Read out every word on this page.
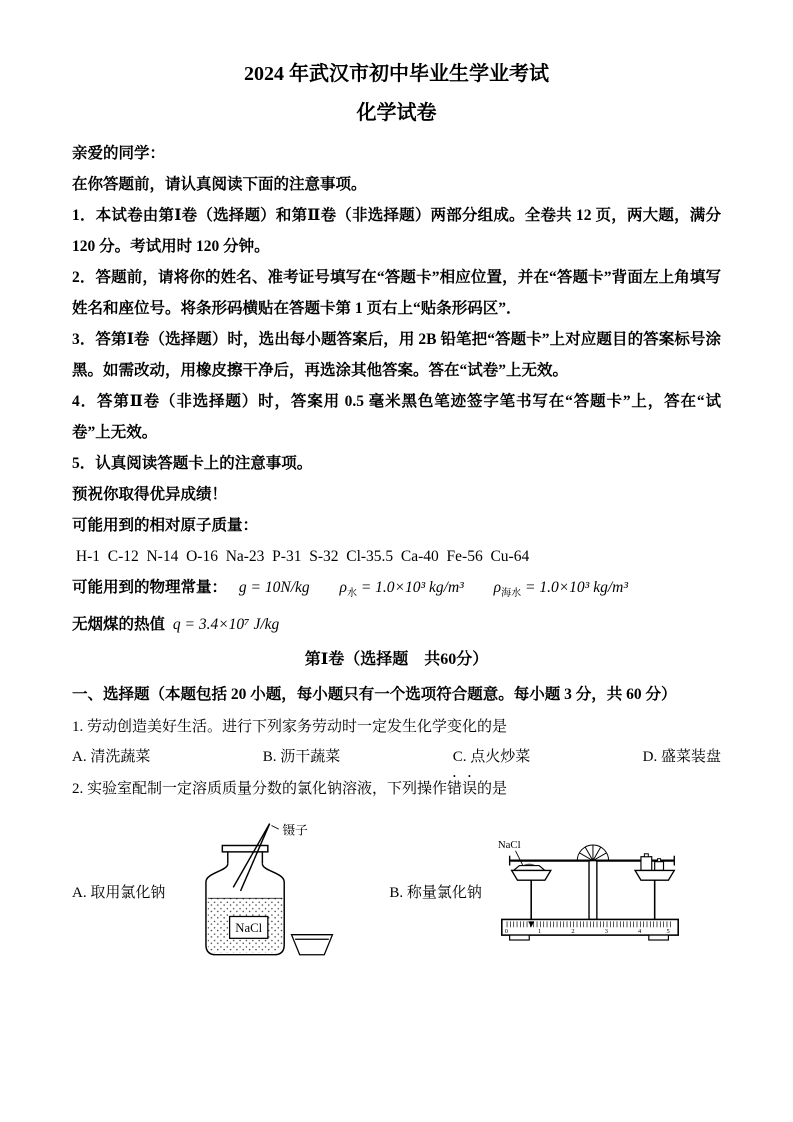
2024 年武汉市初中毕业生学业考试
化学试卷

亲爱的同学：

在你答题前，请认真阅读下面的注意事项。

1．本试卷由第Ⅰ卷（选择题）和第Ⅱ卷（非选择题）两部分组成。全卷共 12 页，两大题，满分 120 分。考试用时 120 分钟。

2．答题前，请将你的姓名、准考证号填写在“答题卡”相应位置，并在“答题卡”背面左上角填写姓名和座位号。将条形码横贴在答题卡第 1 页右上“贴条形码区”．

3．答第Ⅰ卷（选择题）时，选出每小题答案后，用 2B 铅笔把“答题卡”上对应题目的答案标号涂黑。如需改动，用橡皮擦干净后，再选涂其他答案。答在“试卷”上无效。

4．答第Ⅱ卷（非选择题）时，答案用 0.5 毫米黑色笔迹签字笔书写在“答题卡”上，答在“试卷”上无效。

5．认真阅读答题卡上的注意事项。

预祝你取得优异成绩！

可能用到的相对原子质量：

H-1  C-12  N-14  O-16  Na-23  P-31  S-32  Cl-35.5  Ca-40  Fe-56  Cu-64

可能用到的物理常量： g = 10N/kg $\rho_水 = 1.0\times 10^3$ kg/m³ $\rho_{海水} = 1.0\times 10^3$ kg/m³

无烟煤的热值 q = 3.4×10⁷ J/kg

第Ⅰ卷（选择题　共60分）

一、选择题（本题包括 20 小题，每小题只有一个选项符合题意。每小题 3 分，共 60 分）

1. 劳动创造美好生活。进行下列家务劳动时一定发生化学变化的是

A. 清洗蔬菜	B. 沥干蔬菜	C. 点火炒菜	D. 盛菜装盘

2. 实验室配制一定溶质质量分数的氯化钠溶液，下列操作错误的是

A. 取用氯化钠
镊子
NaCl
B. 称量氯化钠
NaCl
0	1	2	3	4	5
